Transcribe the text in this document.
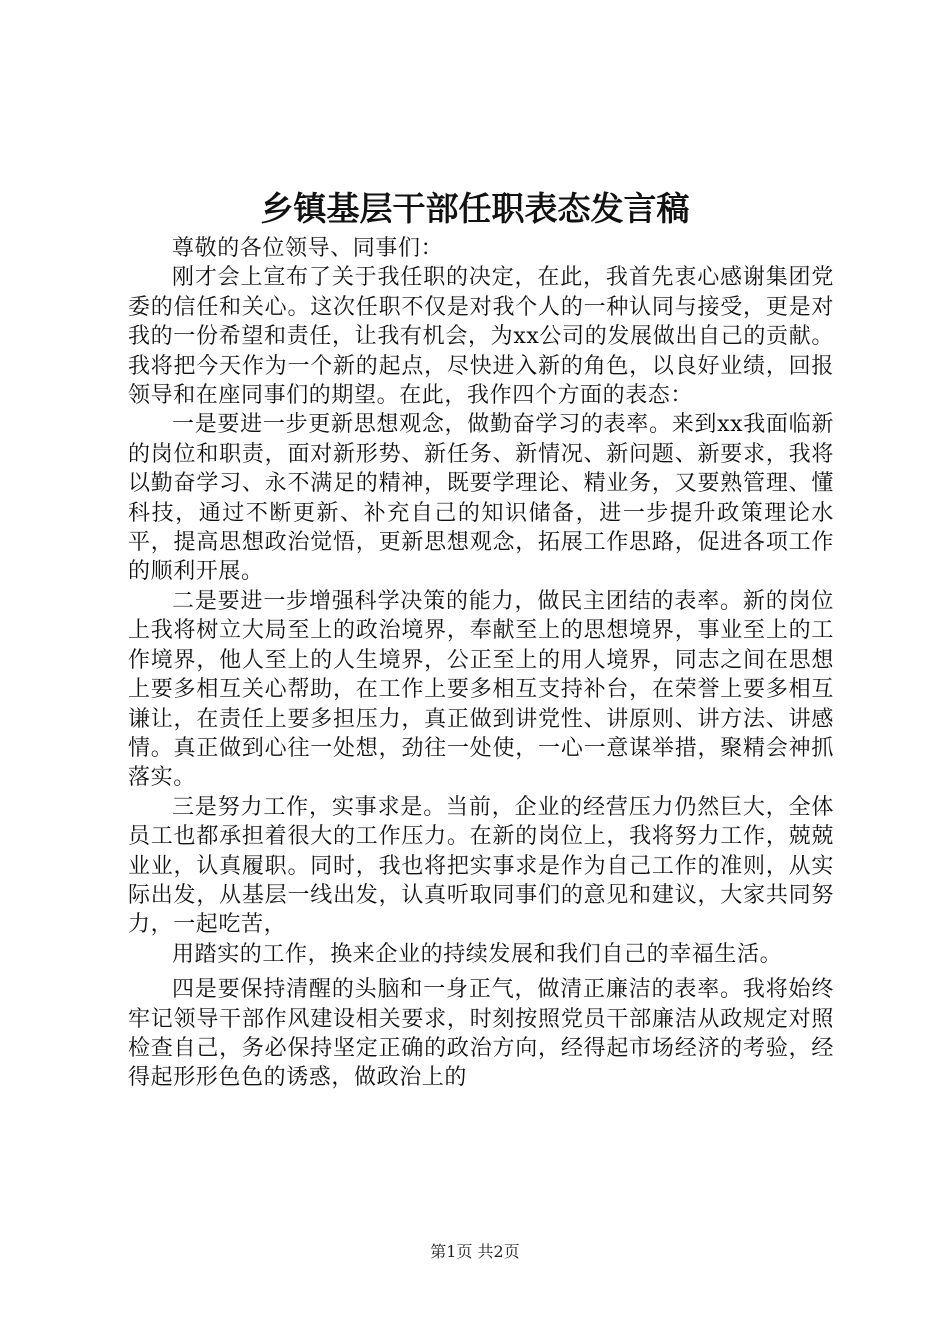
乡镇基层干部任职表态发言稿

尊敬的各位领导、同事们：

刚才会上宣布了关于我任职的决定，在此，我首先衷心感谢集团党委的信任和关心。这次任职不仅是对我个人的一种认同与接受，更是对我的一份希望和责任，让我有机会，为xx公司的发展做出自己的贡献。我将把今天作为一个新的起点，尽快进入新的角色，以良好业绩，回报领导和在座同事们的期望。在此，我作四个方面的表态：

一是要进一步更新思想观念，做勤奋学习的表率。来到xx我面临新的岗位和职责，面对新形势、新任务、新情况、新问题、新要求，我将以勤奋学习、永不满足的精神，既要学理论、精业务，又要熟管理、懂科技，通过不断更新、补充自己的知识储备，进一步提升政策理论水平，提高思想政治觉悟，更新思想观念，拓展工作思路，促进各项工作的顺利开展。

二是要进一步增强科学决策的能力，做民主团结的表率。新的岗位上我将树立大局至上的政治境界，奉献至上的思想境界，事业至上的工作境界，他人至上的人生境界，公正至上的用人境界，同志之间在思想上要多相互关心帮助，在工作上要多相互支持补台，在荣誉上要多相互谦让，在责任上要多担压力，真正做到讲党性、讲原则、讲方法、讲感情。真正做到心往一处想，劲往一处使，一心一意谋举措，聚精会神抓落实。

三是努力工作，实事求是。当前，企业的经营压力仍然巨大，全体员工也都承担着很大的工作压力。在新的岗位上，我将努力工作，兢兢业业，认真履职。同时，我也将把实事求是作为自己工作的准则，从实际出发，从基层一线出发，认真听取同事们的意见和建议，大家共同努力，一起吃苦，

用踏实的工作，换来企业的持续发展和我们自己的幸福生活。

四是要保持清醒的头脑和一身正气，做清正廉洁的表率。我将始终牢记领导干部作风建设相关要求，时刻按照党员干部廉洁从政规定对照检查自己，务必保持坚定正确的政治方向，经得起市场经济的考验，经得起形形色色的诱惑，做政治上的

第1页 共2页
